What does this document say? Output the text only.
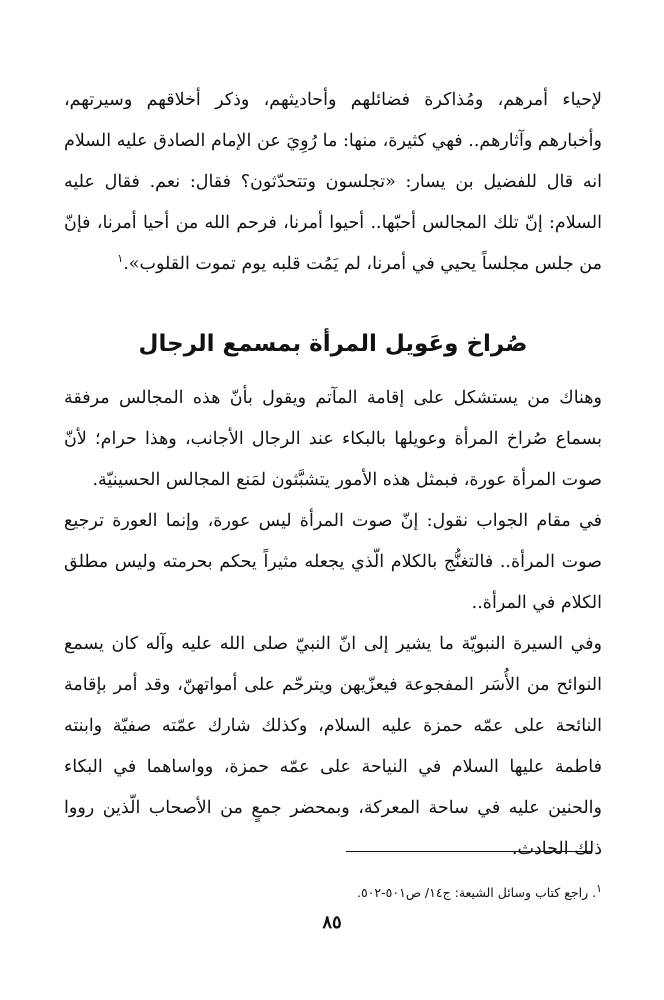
لإحياء أمرهم، ومُذاكرة فضائلهم وأحاديثهم، وذكر أخلاقهم وسيرتهم، وأخبارهم وآثارهم.. فهي كثيرة، منها: ما رُوِيَ عن الإمام الصادق عليه السلام انه قال للفضيل بن يسار: «تجلسون وتتحدّثون؟ فقال: نعم. فقال عليه السلام: إنّ تلك المجالس أحبّها.. أحيوا أمرنا، فرحم الله من أحيا أمرنا، فإنّ من جلس مجلساً يحيي في أمرنا، لم يَمُت قلبه يوم تموت القلوب».$^١$

صُراخ وعَويل المرأة بمسمع الرجال

وهناك من يستشكل على إقامة المآتم ويقول بأنّ هذه المجالس مرفقة بسماع صُراخ المرأة وعويلها بالبكاء عند الرجال الأجانب، وهذا حرام؛ لأنّ صوت المرأة عورة، فبمثل هذه الأمور يتشبَّثون لمَنع المجالس الحسينيّة.

في مقام الجواب نقول: إنّ صوت المرأة ليس عورة، وإنما العورة ترجيع صوت المرأة.. فالتغنُّج بالكلام الّذي يجعله مثيراً يحكم بحرمته وليس مطلق الكلام في المرأة..

وفي السيرة النبويّة ما يشير إلى انّ النبيّ صلى الله عليه وآله كان يسمع النوائح من الأُسَر المفجوعة فيعزّيهن ويترحّم على أمواتهنّ، وقد أمر بإقامة النائحة على عمّه حمزة عليه السلام، وكذلك شارك عمّته صفيّة وابنته فاطمة عليها السلام في النياحة على عمّه حمزة، وواساهما في البكاء والحنين عليه في ساحة المعركة، وبمحضر جمعٍ من الأصحاب الّذين رووا ذلك الحادث.

١. راجع كتاب وسائل الشيعة: ج١٤/ ص٥٠١-٥٠٢.
٨٥
